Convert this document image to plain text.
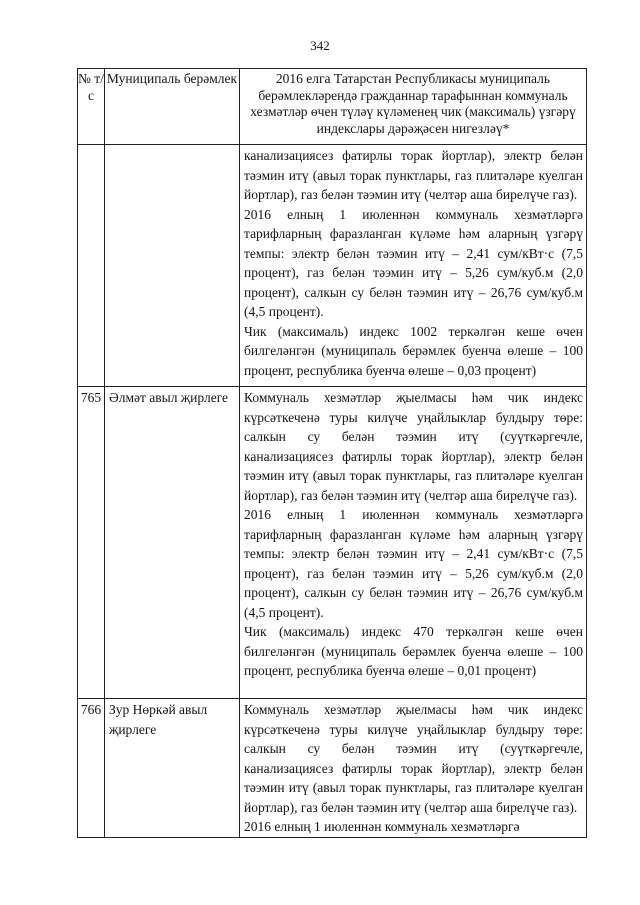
342
№ т/с	Муниципаль берәмлек	2016 елга Татарстан Республикасы муниципаль берәмлекләрендә гражданнар тарафыннан коммуналь хезмәтләр өчен түләү күләменең чик (максималь) үзгәрү индекслары дәрәҗәсен нигезләү*

		канализациясез фатирлы торак йортлар), электр белән тәэмин итү (авыл торак пунктлары, газ плитәләре куелган йортлар), газ белән тәэмин итү (челтәр аша бирелүче газ).

2016 елның 1 июленнән коммуналь хезмәтләргә тарифларның фаразланган күләме һәм аларның үзгәрү темпы: электр белән тәэмин итү – 2,41 сум/кВт·с (7,5 процент), газ белән тәэмин итү – 5,26 сум/куб.м (2,0 процент), салкын су белән тәэмин итү – 26,76 сум/куб.м (4,5 процент).

Чик (максималь) индекс 1002 теркәлгән кеше өчен билгеләнгән (муниципаль берәмлек буенча өлеше – 100 процент, республика буенча өлеше – 0,03 процент)

765	Әлмәт авыл җирлеге	Коммуналь хезмәтләр җыелмасы һәм чик индекс күрсәткеченә туры килүче уңайлыклар булдыру төре: салкын су белән тәэмин итү (суүткәргечле, канализациясез фатирлы торак йортлар), электр белән тәэмин итү (авыл торак пунктлары, газ плитәләре куелган йортлар), газ белән тәэмин итү (челтәр аша бирелүче газ).

2016 елның 1 июленнән коммуналь хезмәтләргә тарифларның фаразланган күләме һәм аларның үзгәрү темпы: электр белән тәэмин итү – 2,41 сум/кВт·с (7,5 процент), газ белән тәэмин итү – 5,26 сум/куб.м (2,0 процент), салкын су белән тәэмин итү – 26,76 сум/куб.м (4,5 процент).

Чик (максималь) индекс 470 теркәлгән кеше өчен билгеләнгән (муниципаль берәмлек буенча өлеше – 100 процент, республика буенча өлеше – 0,01 процент)

766	Зур Нөркәй авыл җирлеге	Коммуналь хезмәтләр җыелмасы һәм чик индекс күрсәткеченә туры килүче уңайлыклар булдыру төре: салкын су белән тәэмин итү (суүткәргечле, канализациясез фатирлы торак йортлар), электр белән тәэмин итү (авыл торак пунктлары, газ плитәләре куелган йортлар), газ белән тәэмин итү (челтәр аша бирелүче газ).

2016 елның 1 июленнән коммуналь хезмәтләргә
